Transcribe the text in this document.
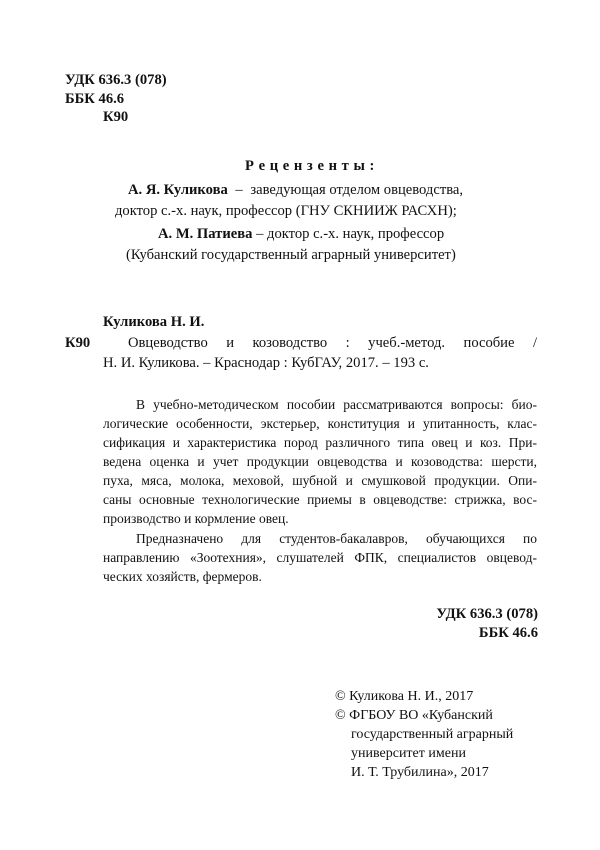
УДК 636.3 (078)
ББК 46.6
К90
Р е ц е н з е н т ы :
А. Я. Куликова – заведующая отделом овцеводства,
доктор с.-х. наук, профессор (ГНУ СКНИИЖ РАСХН);
А. М. Патиева – доктор с.-х. наук, профессор
(Кубанский государственный аграрный университет)
Куликова Н. И.
К90	Овцеводство и козоводство : учеб.-метод. пособие /
Н. И. Куликова. – Краснодар : КубГАУ, 2017. – 193 с.
В учебно-методическом пособии рассматриваются вопросы: био-
логические особенности, экстерьер, конституция и упитанность, клас-
сификация и характеристика пород различного типа овец и коз. При-
ведена оценка и учет продукции овцеводства и козоводства: шерсти,
пуха, мяса, молока, меховой, шубной и смушковой продукции. Опи-
саны основные технологические приемы в овцеводстве: стрижка, вос-
производство и кормление овец.
Предназначено для студентов-бакалавров, обучающихся по
направлению «Зоотехния», слушателей ФПК, специалистов овцевод-
ческих хозяйств, фермеров.
УДК 636.3 (078)
ББК 46.6
© Куликова Н. И., 2017
© ФГБОУ ВО «Кубанский
государственный аграрный
университет имени
И. Т. Трубилина», 2017
